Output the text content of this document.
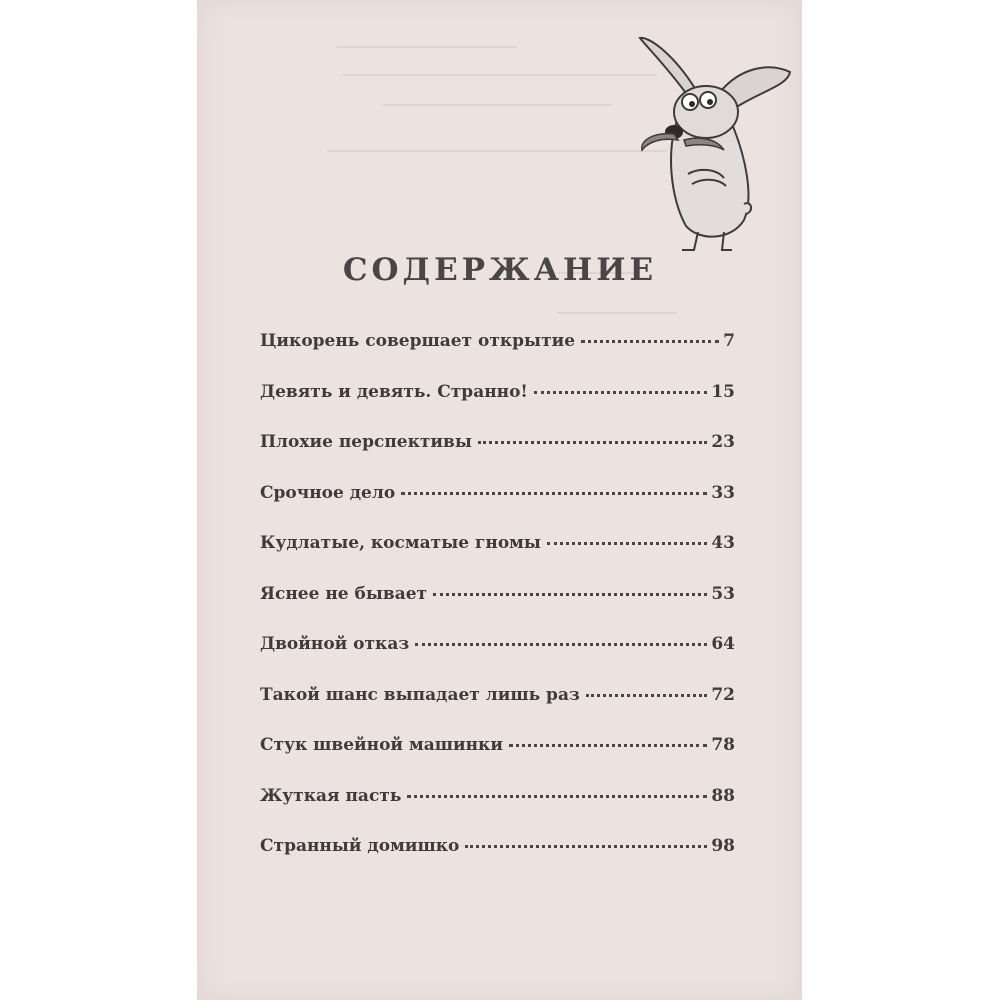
СОДЕРЖАНИЕ
Цикорень совершает открытие	7
Девять и девять. Странно!	15
Плохие перспективы	23
Срочное дело	33
Кудлатые, косматые гномы	43
Яснее не бывает	53
Двойной отказ	64
Такой шанс выпадает лишь раз	72
Стук швейной машинки	78
Жуткая пасть	88
Странный домишко	98
